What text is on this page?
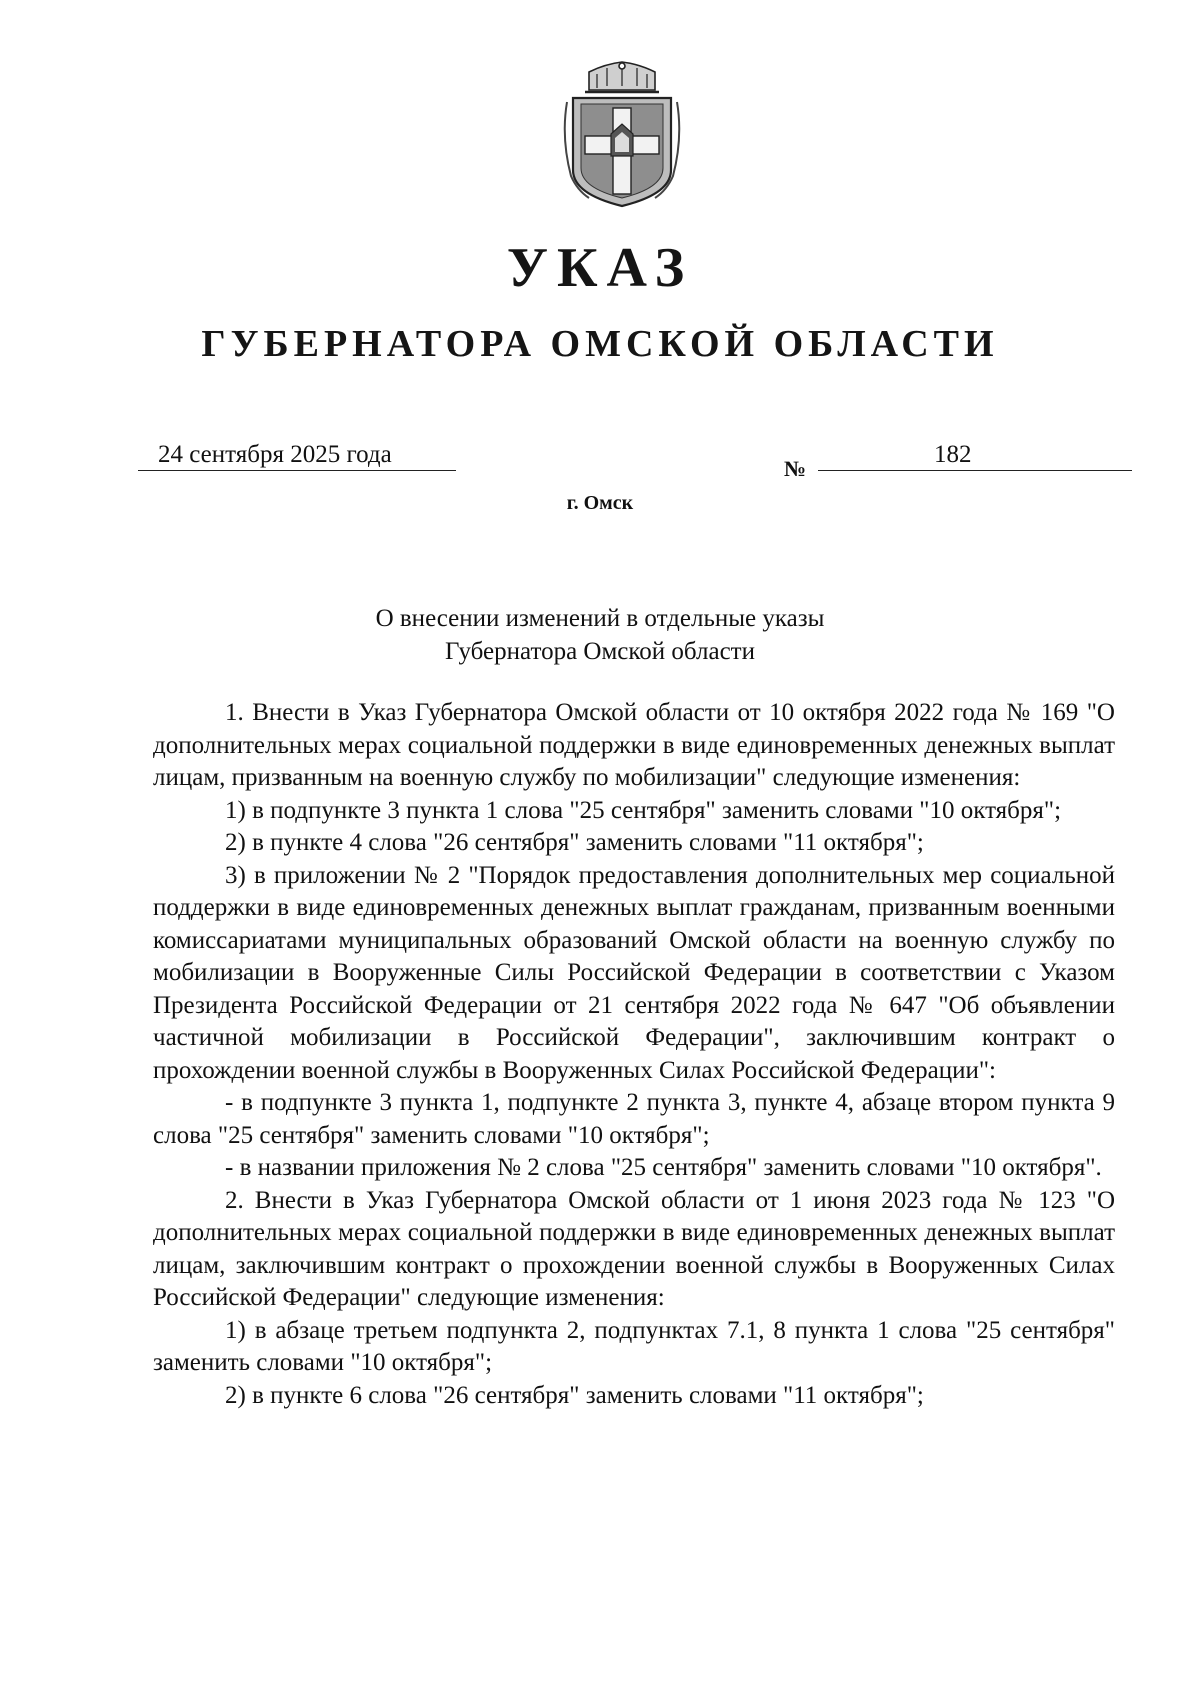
УКАЗ
ГУБЕРНАТОРА ОМСКОЙ ОБЛАСТИ
24 сентября 2025 года
№
182
г. Омск
О внесении изменений в отдельные указы
Губернатора Омской области

1. Внести в Указ Губернатора Омской области от 10 октября 2022 года № 169 "О дополнительных мерах социальной поддержки в виде единовременных денежных выплат лицам, призванным на военную службу по мобилизации" следующие изменения:

1) в подпункте 3 пункта 1 слова "25 сентября" заменить словами "10 октября";

2) в пункте 4 слова "26 сентября" заменить словами "11 октября";

3) в приложении № 2 "Порядок предоставления дополнительных мер социальной поддержки в виде единовременных денежных выплат гражданам, призванным военными комиссариатами муниципальных образований Омской области на военную службу по мобилизации в Вооруженные Силы Российской Федерации в соответствии с Указом Президента Российской Федерации от 21 сентября 2022 года № 647 "Об объявлении частичной мобилизации в Российской Федерации", заключившим контракт о прохождении военной службы в Вооруженных Силах Российской Федерации":

- в подпункте 3 пункта 1, подпункте 2 пункта 3, пункте 4, абзаце втором пункта 9 слова "25 сентября" заменить словами "10 октября";

- в названии приложения № 2 слова "25 сентября" заменить словами "10 октября".

2. Внести в Указ Губернатора Омской области от 1 июня 2023 года № 123 "О дополнительных мерах социальной поддержки в виде единовременных денежных выплат лицам, заключившим контракт о прохождении военной службы в Вооруженных Силах Российской Федерации" следующие изменения:

1) в абзаце третьем подпункта 2, подпунктах 7.1, 8 пункта 1 слова "25 сентября" заменить словами "10 октября";

2) в пункте 6 слова "26 сентября" заменить словами "11 октября";
